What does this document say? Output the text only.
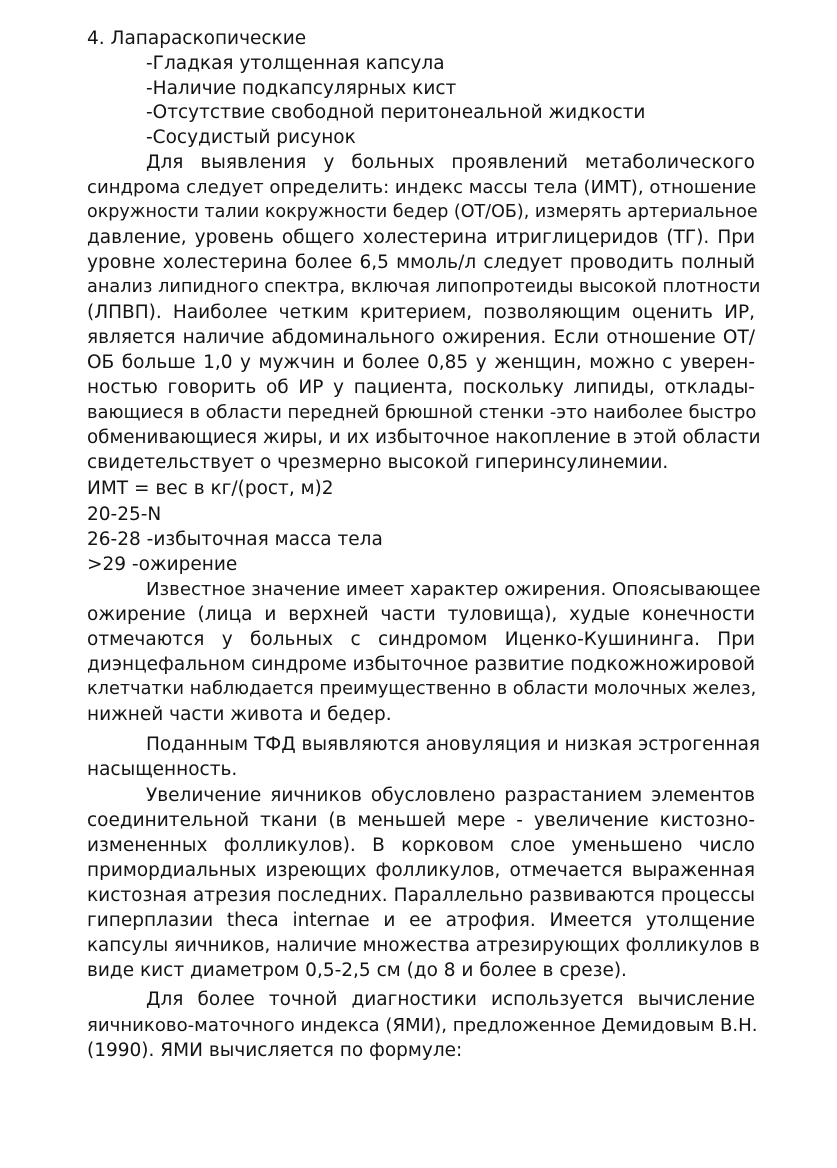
4. Лапараскопические
-Гладкая утолщенная капсула
-Наличие подкапсулярных кист
-Отсутствие свободной перитонеальной жидкости
-Сосудистый рисунок
Для выявления у больных проявлений метаболического
синдрома следует определить: индекс массы тела (ИМТ), отношение
окружности талии кокружности бедер (ОТ/ОБ), измерять артериальное
давление, уровень общего холестерина итриглицеридов (ТГ). При
уровне холестерина более 6,5 ммоль/л следует проводить полный
анализ липидного спектра, включая липопротеиды высокой плотности
(ЛПВП). Наиболее четким критерием, позволяющим оценить ИР,
является наличие абдоминального ожирения. Если отношение ОТ/
ОБ больше 1,0 у мужчин и более 0,85 у женщин, можно с уверен-
ностью говорить об ИР у пациента, поскольку липиды, отклады-
вающиеся в области передней брюшной стенки -это наиболее быстро
обменивающиеся жиры, и их избыточное накопление в этой области
свидетельствует о чрезмерно высокой гиперинсулинемии.
ИМТ = вес в кг/(рост, м)2
20-25-N
26-28 -избыточная масса тела
>29 -ожирение
Известное значение имеет характер ожирения. Опоясывающее
ожирение (лица и верхней части туловища), худые конечности
отмечаются у больных с синдромом Иценко-Кушининга. При
диэнцефальном синдроме избыточное развитие подкожножировой
клетчатки наблюдается преимущественно в области молочных желез,
нижней части живота и бедер.
Поданным ТФД выявляются ановуляция и низкая эстрогенная
насыщенность.
Увеличение яичников обусловлено разрастанием элементов
соединительной ткани (в меньшей мере - увеличение кистозно-
измененных фолликулов). В корковом слое уменьшено число
примордиальных изреющих фолликулов, отмечается выраженная
кистозная атрезия последних. Параллельно развиваются процессы
гиперплазии theca internae и ее атрофия. Имеется утолщение
капсулы яичников, наличие множества атрезирующих фолликулов в
виде кист диаметром 0,5-2,5 см (до 8 и более в срезе).
Для более точной диагностики используется вычисление
яичниково-маточного индекса (ЯМИ), предложенное Демидовым В.Н.
(1990). ЯМИ вычисляется по формуле:
